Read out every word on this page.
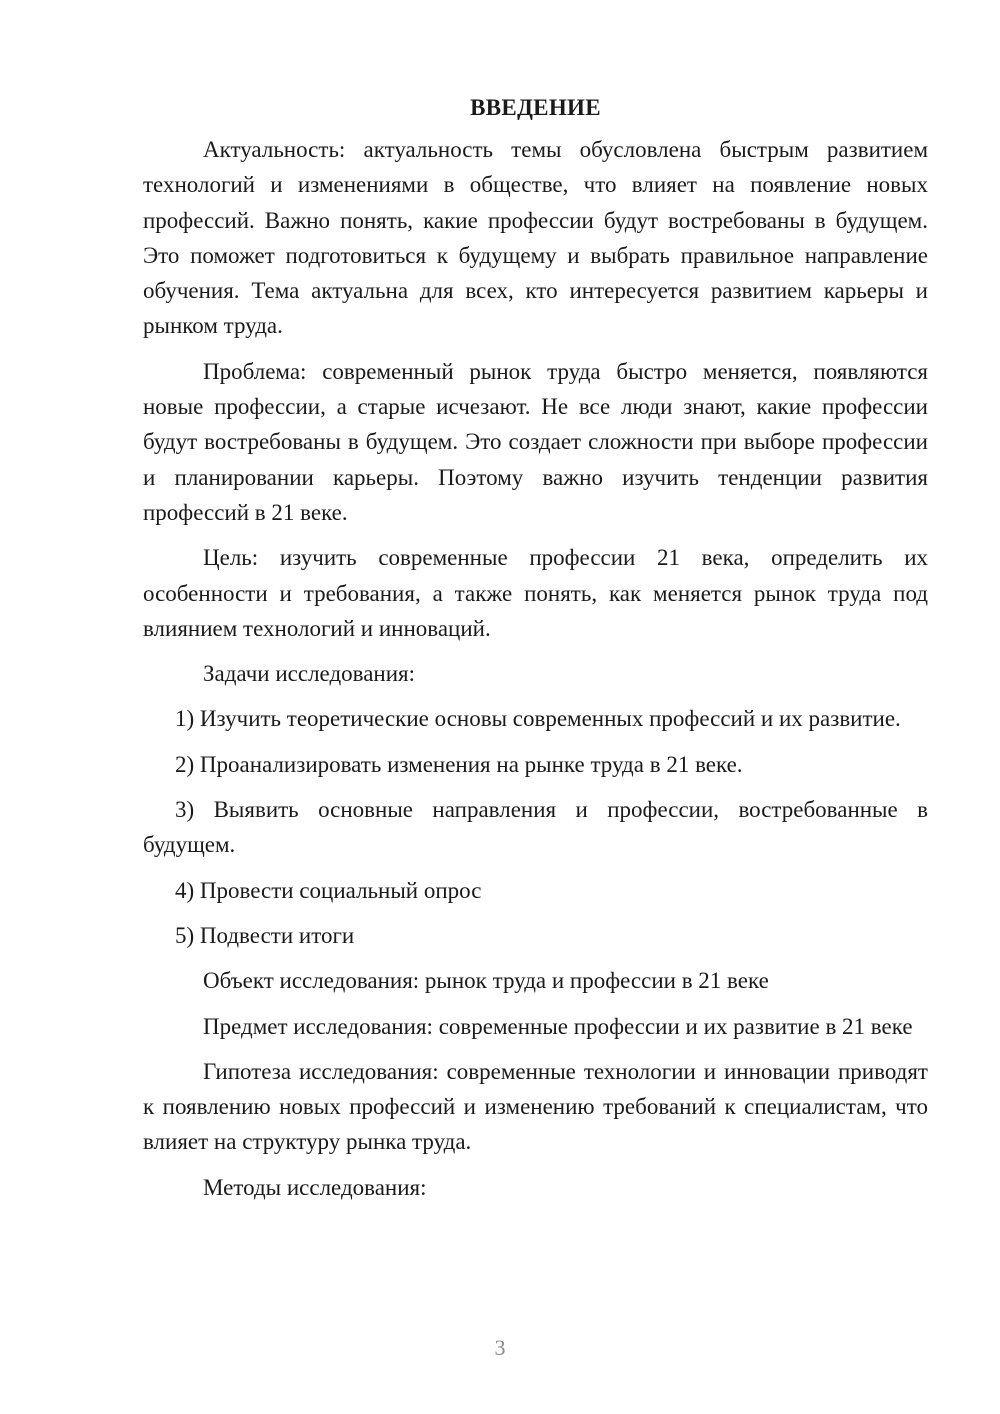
ВВЕДЕНИЕ

Актуальность: актуальность темы обусловлена быстрым развитием технологий и изменениями в обществе, что влияет на появление новых профессий. Важно понять, какие профессии будут востребованы в будущем. Это поможет подготовиться к будущему и выбрать правильное направление обучения. Тема актуальна для всех, кто интересуется развитием карьеры и рынком труда.

Проблема: современный рынок труда быстро меняется, появляются новые профессии, а старые исчезают. Не все люди знают, какие профессии будут востребованы в будущем. Это создает сложности при выборе профессии и планировании карьеры. Поэтому важно изучить тенденции развития профессий в 21 веке.

Цель: изучить современные профессии 21 века, определить их особенности и требования, а также понять, как меняется рынок труда под влиянием технологий и инноваций.

Задачи исследования:

1) Изучить теоретические основы современных профессий и их развитие.

2) Проанализировать изменения на рынке труда в 21 веке.

3) Выявить основные направления и профессии, востребованные в будущем.

4) Провести социальный опрос

5) Подвести итоги

Объект исследования: рынок труда и профессии в 21 веке

Предмет исследования: современные профессии и их развитие в 21 веке

Гипотеза исследования: современные технологии и инновации приводят к появлению новых профессий и изменению требований к специалистам, что влияет на структуру рынка труда.

Методы исследования:

3
